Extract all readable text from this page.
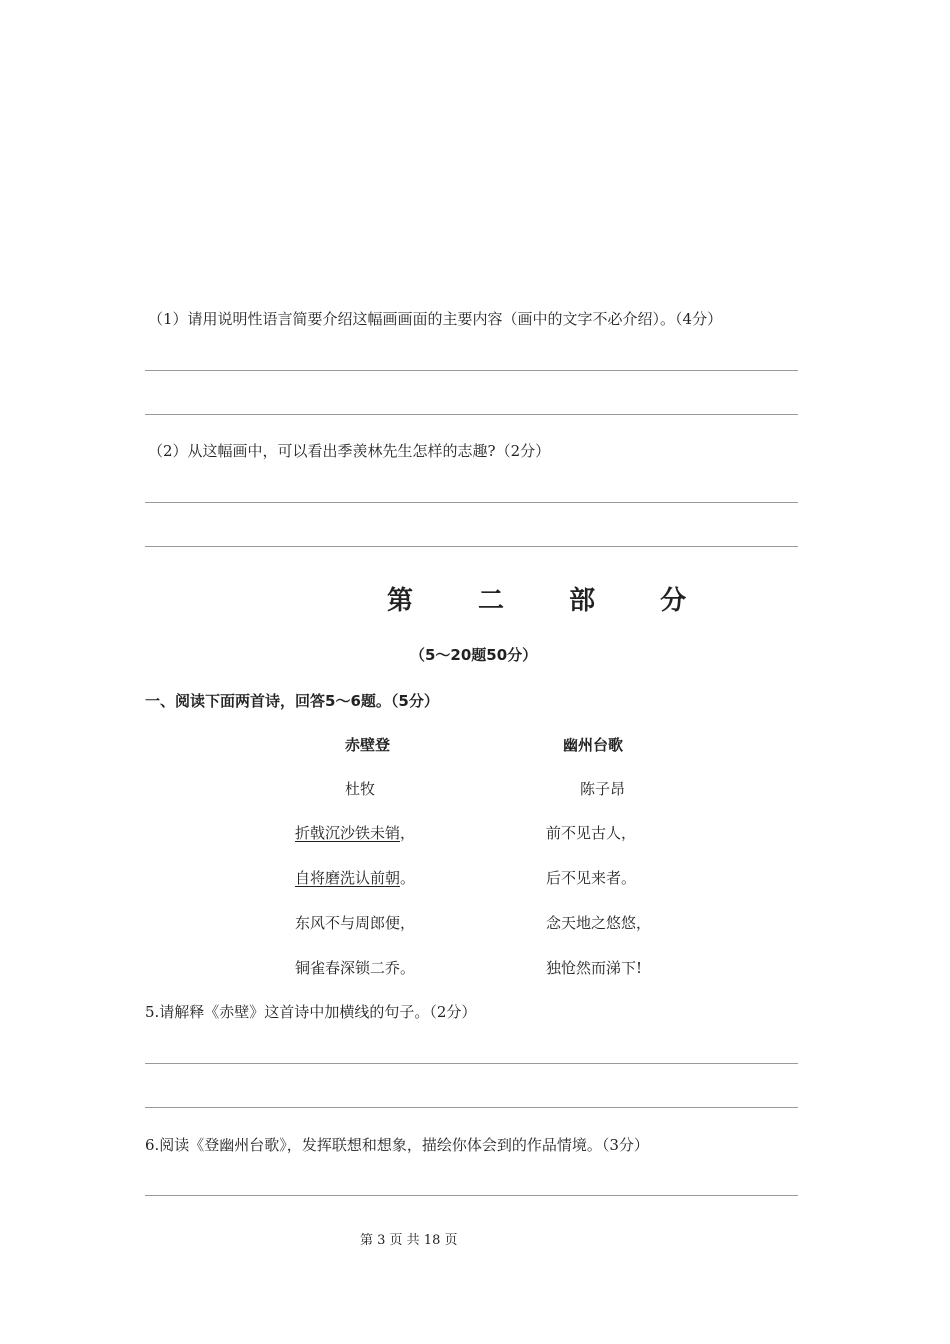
（1）请用说明性语言简要介绍这幅画画面的主要内容（画中的文字不必介绍）。（4分）
（2）从这幅画中，可以看出季羡林先生怎样的志趣?（2分）
第 二 部 分
（5～20题50分）
一、阅读下面两首诗，回答5～6题。（5分）
赤壁登
杜牧
折戟沉沙铁未销，
自将磨洗认前朝。
东风不与周郎便，
铜雀春深锁二乔。
幽州台歌
陈子昂
前不见古人，
后不见来者。
念天地之悠悠，
独怆然而涕下!
5.请解释《赤壁》这首诗中加横线的句子。（2分）
6.阅读《登幽州台歌》，发挥联想和想象，描绘你体会到的作品情境。（3分）
第 3 页 共 18 页
